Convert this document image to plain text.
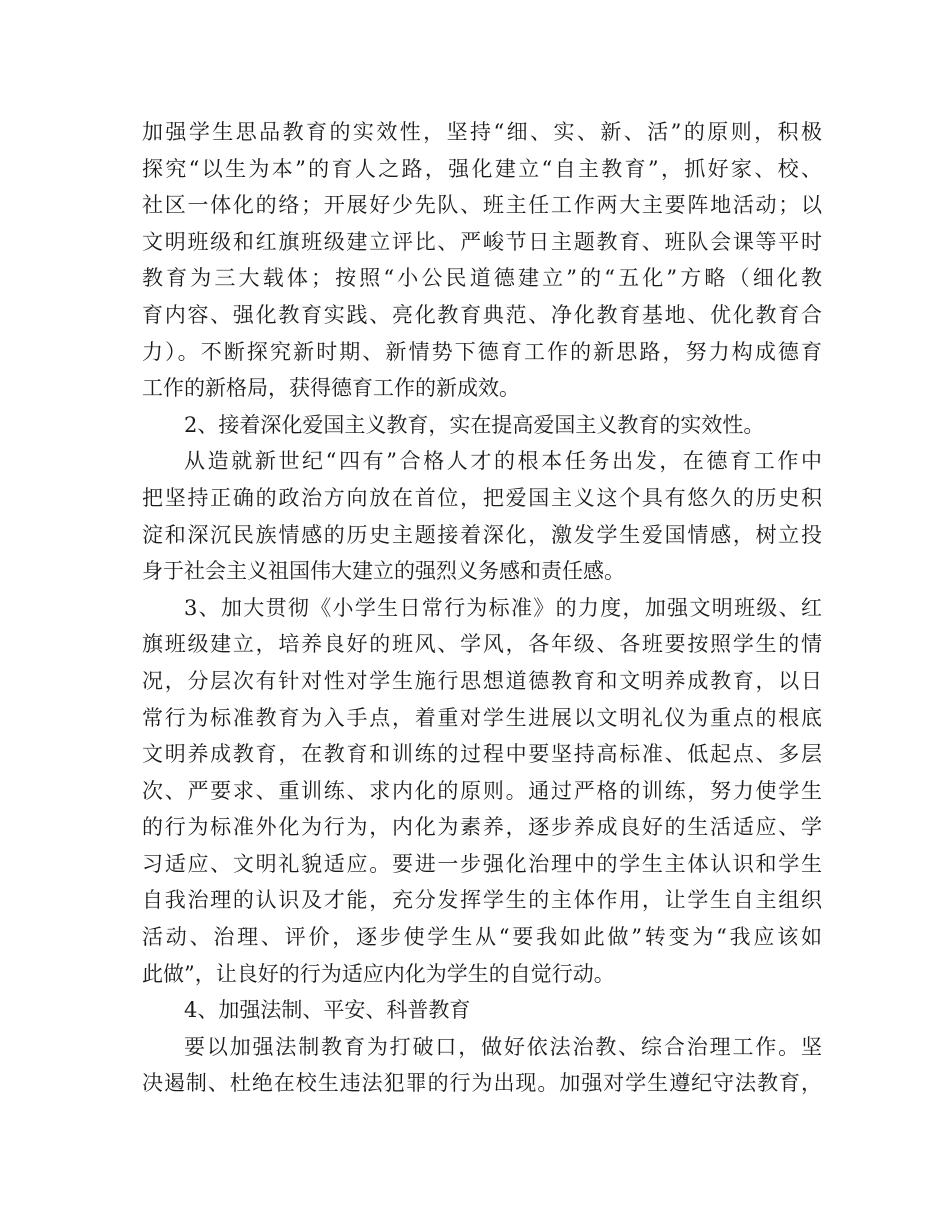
加强学生思品教育的实效性，坚持“细、实、新、活”的原则，积极
探究“以生为本”的育人之路，强化建立“自主教育”，抓好家、校、
社区一体化的络；开展好少先队、班主任工作两大主要阵地活动；以
文明班级和红旗班级建立评比、严峻节日主题教育、班队会课等平时
教育为三大载体；按照“小公民道德建立”的“五化”方略（细化教
育内容、强化教育实践、亮化教育典范、净化教育基地、优化教育合
力）。不断探究新时期、新情势下德育工作的新思路，努力构成德育
工作的新格局，获得德育工作的新成效。
2、接着深化爱国主义教育，实在提高爱国主义教育的实效性。
从造就新世纪“四有”合格人才的根本任务出发，在德育工作中
把坚持正确的政治方向放在首位，把爱国主义这个具有悠久的历史积
淀和深沉民族情感的历史主题接着深化，激发学生爱国情感，树立投
身于社会主义祖国伟大建立的强烈义务感和责任感。
3、加大贯彻《小学生日常行为标准》的力度，加强文明班级、红
旗班级建立，培养良好的班风、学风，各年级、各班要按照学生的情
况，分层次有针对性对学生施行思想道德教育和文明养成教育，以日
常行为标准教育为入手点，着重对学生进展以文明礼仪为重点的根底
文明养成教育，在教育和训练的过程中要坚持高标准、低起点、多层
次、严要求、重训练、求内化的原则。通过严格的训练，努力使学生
的行为标准外化为行为，内化为素养，逐步养成良好的生活适应、学
习适应、文明礼貌适应。要进一步强化治理中的学生主体认识和学生
自我治理的认识及才能，充分发挥学生的主体作用，让学生自主组织
活动、治理、评价，逐步使学生从“要我如此做”转变为“我应该如
此做”，让良好的行为适应内化为学生的自觉行动。
4、加强法制、平安、科普教育
要以加强法制教育为打破口，做好依法治教、综合治理工作。坚
决遏制、杜绝在校生违法犯罪的行为出现。加强对学生遵纪守法教育，
